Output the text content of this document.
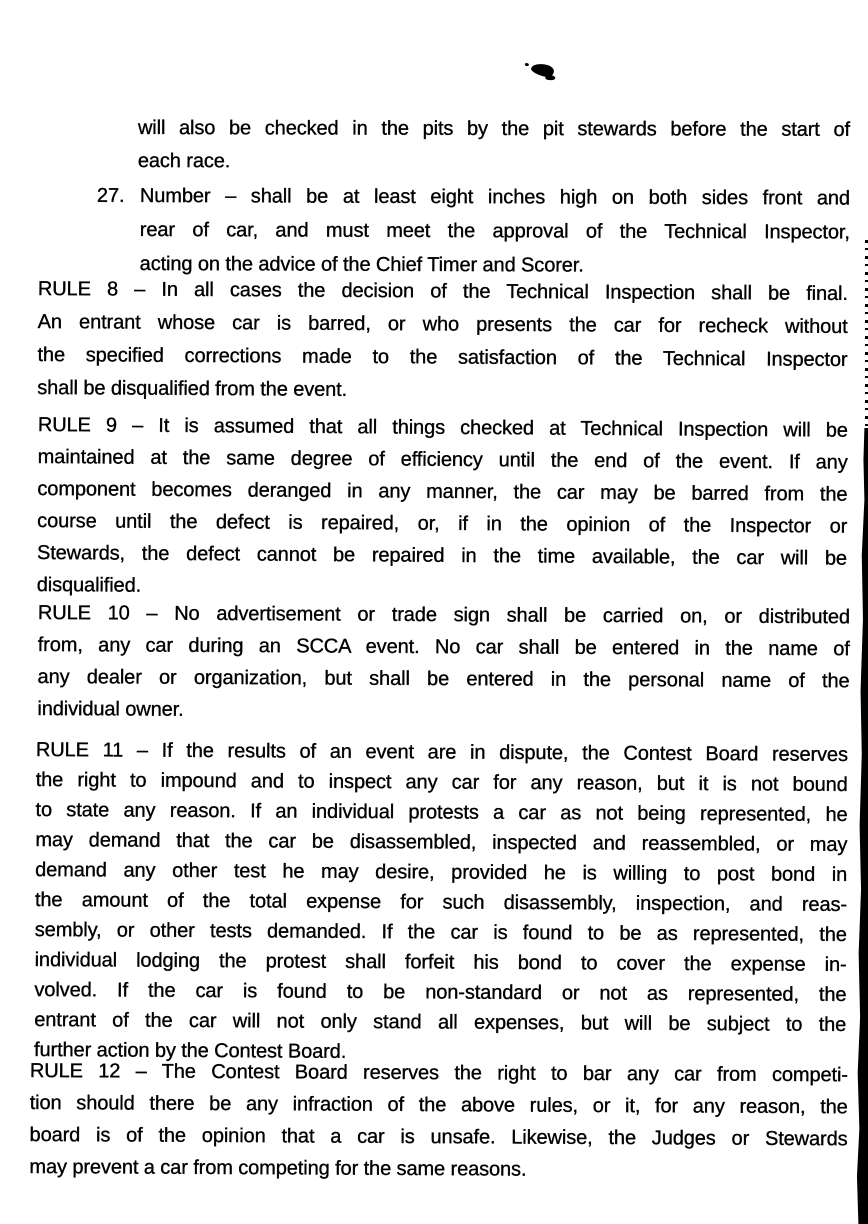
will also be checked in the pits by the pit stewards before the start of
each race.
27. Number – shall be at least eight inches high on both sides front and
rear of car, and must meet the approval of the Technical Inspector,
acting on the advice of the Chief Timer and Scorer.
RULE 8 – In all cases the decision of the Technical Inspection shall be final.
An entrant whose car is barred, or who presents the car for recheck without
the specified corrections made to the satisfaction of the Technical Inspector
shall be disqualified from the event.
RULE 9 – It is assumed that all things checked at Technical Inspection will be
maintained at the same degree of efficiency until the end of the event. If any
component becomes deranged in any manner, the car may be barred from the
course until the defect is repaired, or, if in the opinion of the Inspector or
Stewards, the defect cannot be repaired in the time available, the car will be
disqualified.
RULE 10 – No advertisement or trade sign shall be carried on, or distributed
from, any car during an SCCA event. No car shall be entered in the name of
any dealer or organization, but shall be entered in the personal name of the
individual owner.
RULE 11 – If the results of an event are in dispute, the Contest Board reserves
the right to impound and to inspect any car for any reason, but it is not bound
to state any reason. If an individual protests a car as not being represented, he
may demand that the car be disassembled, inspected and reassembled, or may
demand any other test he may desire, provided he is willing to post bond in
the amount of the total expense for such disassembly, inspection, and reas-
sembly, or other tests demanded. If the car is found to be as represented, the
individual lodging the protest shall forfeit his bond to cover the expense in-
volved. If the car is found to be non-standard or not as represented, the
entrant of the car will not only stand all expenses, but will be subject to the
further action by the Contest Board.
RULE 12 – The Contest Board reserves the right to bar any car from competi-
tion should there be any infraction of the above rules, or it, for any reason, the
board is of the opinion that a car is unsafe. Likewise, the Judges or Stewards
may prevent a car from competing for the same reasons.
